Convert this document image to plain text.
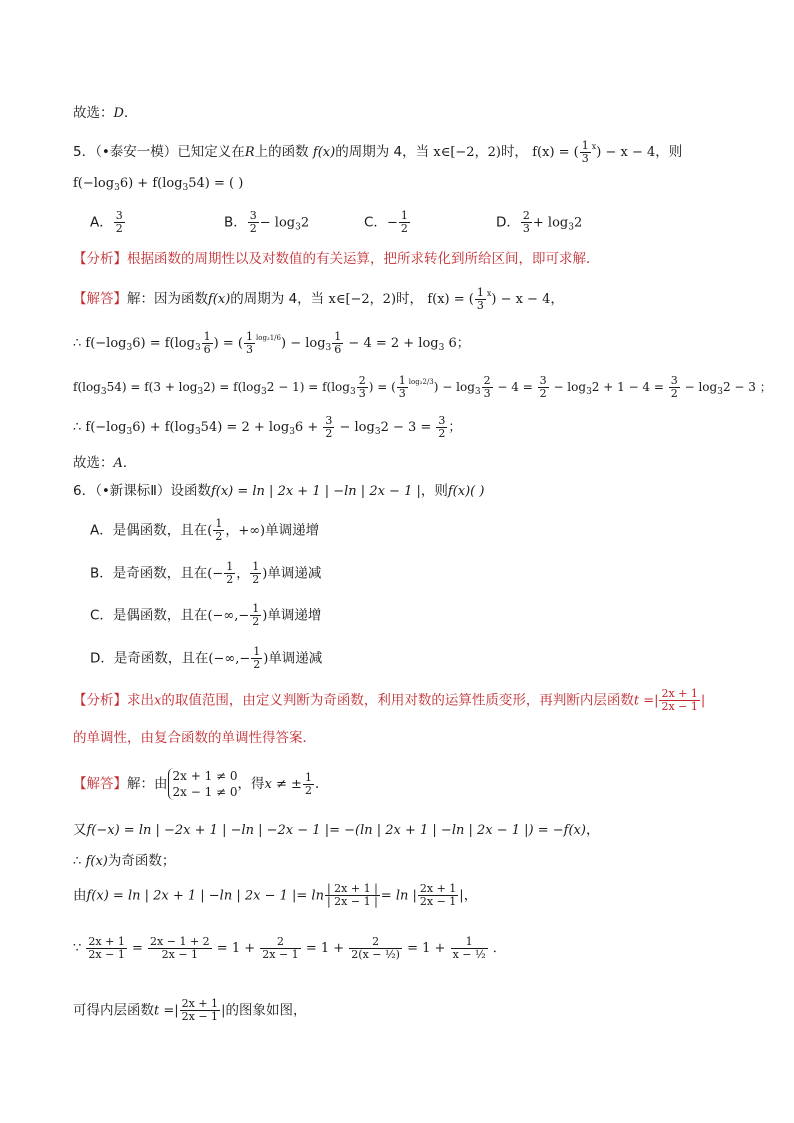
故选：D．
5．（•泰安一模）已知定义在R上的函数 f(x)的周期为 4，当 x∈[−2，2)时， f(x) = ( $\frac{1}{3} ^x) - x - 4$，则
$f(-\log_36) + f(\log_354)$ = ( )
A． $\frac{3}{2}$	B． $\frac{3}{2} - \log_32$	C．− $\frac{1}{2}$	D． $\frac{2}{3} + \log_32$
【分析】根据函数的周期性以及对数值的有关运算，把所求转化到所给区间，即可求解．
【解答】解：因为函数f(x)的周期为 4，当 x∈[−2，2)时， f(x) = ( $\frac{1}{3} ^x) - x - 4$，
∴ $f(-\log_36) = f(\log_3 \frac{1}{6}$ ) = ( $\frac{1}{3} ^{log_31/6}) - \log_3 \frac{1}{6} - 4 = 2 + \log_3 6$；
$f(\log_354) = f(3 + \log_32) = f(\log_32 - 1) = f(\log_3 \frac{2}{3}$ ) = ( $\frac{1}{3} ^{log_32/3}) - \log_3 \frac{2}{3} - 4 = \frac{3}{2} - \log_32 + 1 - 4 = \frac{3}{2} - \log_32 - 3$ ；
∴ $f(-\log_36) + f(\log_354) = 2 + \log_36 + \frac{3}{2} - \log_32 - 3 = \frac{3}{2}$ ；
故选：A．
6．（•新课标Ⅱ）设函数f(x) = ln | 2x + 1 | −ln | 2x − 1 |，则f(x)( )
A．是偶函数，且在( $\frac{1}{2}$ ，+∞)单调递增
B．是奇函数，且在(− $\frac{1}{2}$ ， $\frac{1}{2}$ )单调递减
C．是偶函数，且在(−∞,− $\frac{1}{2}$ )单调递增
D．是奇函数，且在(−∞,− $\frac{1}{2}$ )单调递减
【分析】求出x的取值范围，由定义判断为奇函数，利用对数的运算性质变形，再判断内层函数t =| $\frac{2x + 1}{2x - 1}$ |
的单调性，由复合函数的单调性得答案．
【解答】解：由 2x + 1 ≠ 0
2x − 1 ≠ 0 ，得x ≠ ± $\frac{1}{2}$ ．
又f(−x) = ln | −2x + 1 | −ln | −2x − 1 |= −(ln | 2x + 1 | −ln | 2x − 1 |) = −f(x)，
∴ f(x)为奇函数；
由f(x) = ln | 2x + 1 | −ln | 2x − 1 |= $\ln \frac{| 2x + 1 |}{| 2x - 1 |} = \ln$ | $\frac{2x + 1}{2x - 1}$ |，
∵ $\frac{2x + 1}{2x - 1} = \frac{2x - 1 + 2}{2x - 1} = 1 + \frac{2}{2x - 1} = 1 + \frac{2}{\text{2(x − ½)}} = 1 + \frac{1}{\text{x − ½}}$ ．
可得内层函数t =| $\frac{2x + 1}{2x - 1}$ |的图象如图，
